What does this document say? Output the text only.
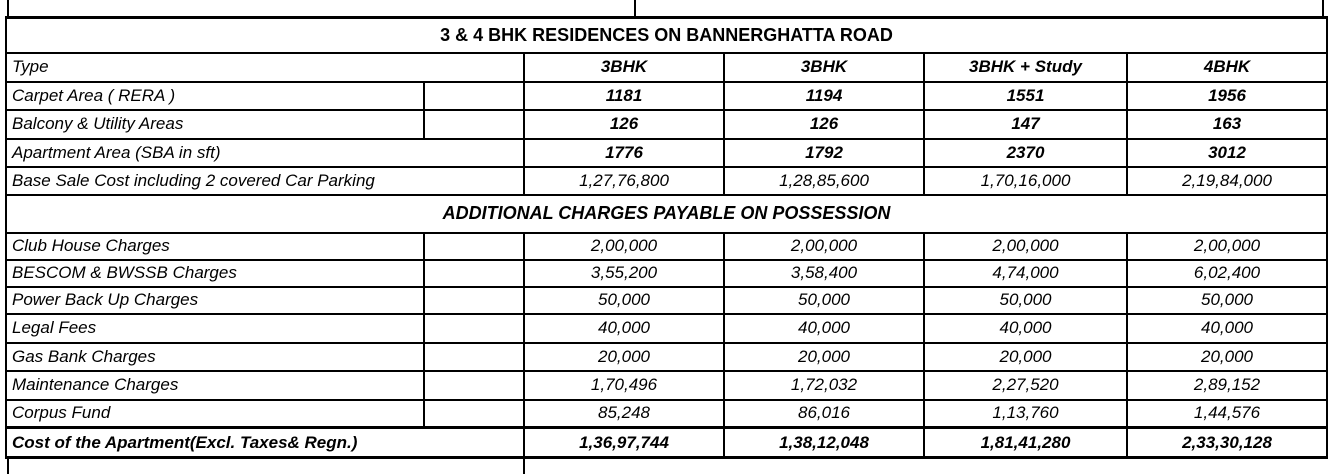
3 & 4 BHK RESIDENCES ON BANNERGHATTA ROAD					
Type		3BHK	3BHK	3BHK + Study	4BHK
Carpet Area ( RERA )		1181	1194	1551	1956
Balcony & Utility Areas		126	126	147	163
Apartment Area (SBA in sft)		1776	1792	2370	3012
Base Sale Cost including 2 covered Car Parking		1,27,76,800	1,28,85,600	1,70,16,000	2,19,84,000
ADDITIONAL CHARGES PAYABLE ON POSSESSION					
Club House Charges		2,00,000	2,00,000	2,00,000	2,00,000
BESCOM & BWSSB Charges		3,55,200	3,58,400	4,74,000	6,02,400
Power Back Up Charges		50,000	50,000	50,000	50,000
Legal Fees		40,000	40,000	40,000	40,000
Gas Bank Charges		20,000	20,000	20,000	20,000
Maintenance Charges		1,70,496	1,72,032	2,27,520	2,89,152
Corpus Fund		85,248	86,016	1,13,760	1,44,576
Cost of the Apartment(Excl. Taxes& Regn.)		1,36,97,744	1,38,12,048	1,81,41,280	2,33,30,128
